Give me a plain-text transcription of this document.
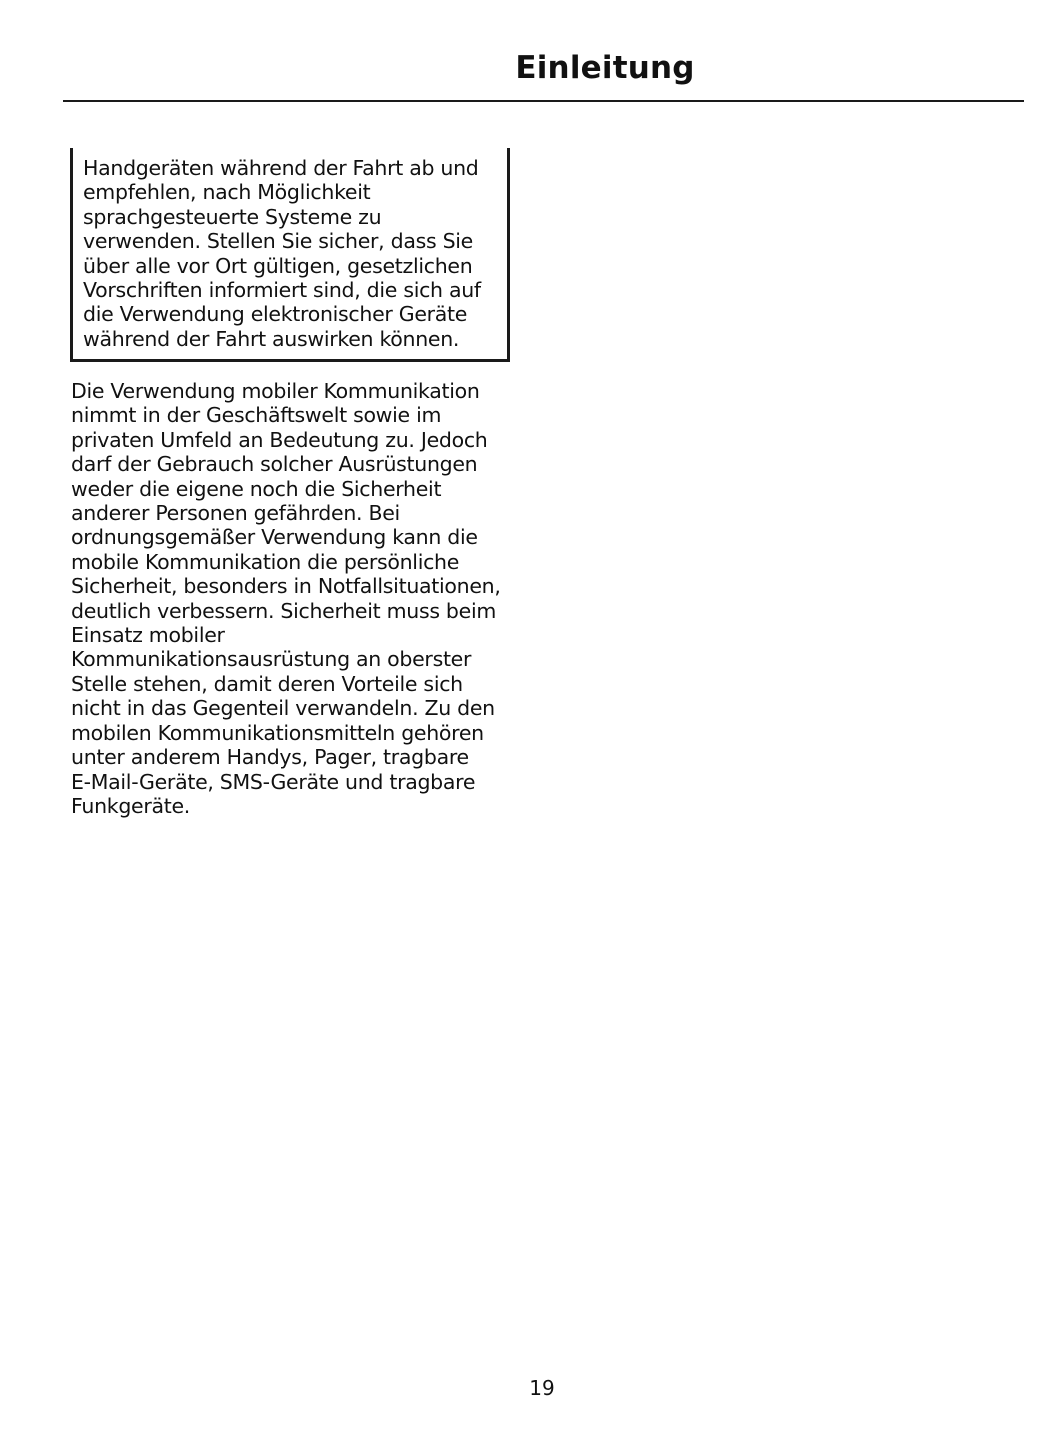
Einleitung

Handgeräten während der Fahrt ab und
empfehlen, nach Möglichkeit
sprachgesteuerte Systeme zu
verwenden. Stellen Sie sicher, dass Sie
über alle vor Ort gültigen, gesetzlichen
Vorschriften informiert sind, die sich auf
die Verwendung elektronischer Geräte
während der Fahrt auswirken können.

Die Verwendung mobiler Kommunikation
nimmt in der Geschäftswelt sowie im
privaten Umfeld an Bedeutung zu. Jedoch
darf der Gebrauch solcher Ausrüstungen
weder die eigene noch die Sicherheit
anderer Personen gefährden. Bei
ordnungsgemäßer Verwendung kann die
mobile Kommunikation die persönliche
Sicherheit, besonders in Notfallsituationen,
deutlich verbessern. Sicherheit muss beim
Einsatz mobiler
Kommunikationsausrüstung an oberster
Stelle stehen, damit deren Vorteile sich
nicht in das Gegenteil verwandeln. Zu den
mobilen Kommunikationsmitteln gehören
unter anderem Handys, Pager, tragbare
E-Mail-Geräte, SMS-Geräte und tragbare
Funkgeräte.

19
